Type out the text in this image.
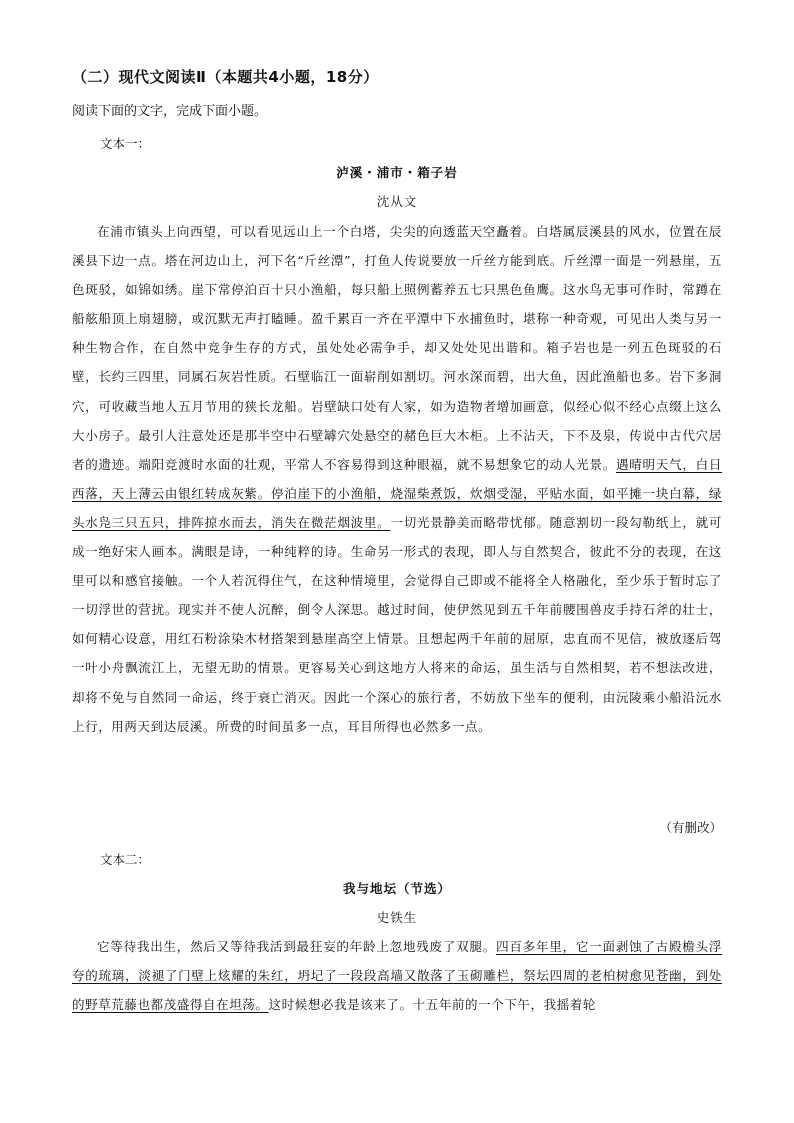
（二）现代文阅读Ⅱ（本题共4小题，18分）
阅读下面的文字，完成下面小题。
文本一：
泸溪・浦市・箱子岩
沈从文

在浦市镇头上向西望，可以看见远山上一个白塔，尖尖的向透蓝天空矗着。白塔属辰溪县的风水，位置在辰溪县下边一点。塔在河边山上，河下名“斤丝潭”，打鱼人传说要放一斤丝方能到底。斤丝潭一面是一列悬崖，五色斑驳，如锦如绣。崖下常停泊百十只小渔船，每只船上照例蓄养五七只黑色鱼鹰。这水鸟无事可作时，常蹲在船舷船顶上扇翅膀，或沉默无声打瞌睡。盈千累百一齐在平潭中下水捕鱼时，堪称一种奇观，可见出人类与另一种生物合作，在自然中竞争生存的方式，虽处处必需争手，却又处处见出谐和。箱子岩也是一列五色斑驳的石壁，长约三四里，同属石灰岩性质。石壁临江一面崭削如割切。河水深而碧，出大鱼，因此渔船也多。岩下多洞穴，可收藏当地人五月节用的狭长龙船。岩壁缺口处有人家，如为造物者增加画意，似经心似不经心点缀上这么大小房子。最引人注意处还是那半空中石壁罅穴处悬空的赭色巨大木柜。上不沾天，下不及泉，传说中古代穴居者的遗迹。端阳竞渡时水面的壮观，平常人不容易得到这种眼福，就不易想象它的动人光景。遇晴明天气，白日西落，天上薄云由银红转成灰紫。停泊崖下的小渔船，烧湿柴煮饭，炊烟受湿，平贴水面，如平摊一块白幕，绿头水凫三只五只，排阵掠水而去，消失在微茫烟波里。一切光景静美而略带忧郁。随意割切一段勾勒纸上，就可成一绝好宋人画本。满眼是诗，一种纯粹的诗。生命另一形式的表现，即人与自然契合，彼此不分的表现，在这里可以和感官接触。一个人若沉得住气，在这种情境里，会觉得自己即或不能将全人格融化，至少乐于暂时忘了一切浮世的营扰。现实并不使人沉醉，倒令人深思。越过时间，使伊然见到五千年前腰围兽皮手持石斧的壮士，如何精心设意，用红石粉涂染木材搭架到悬崖高空上情景。且想起两千年前的屈原，忠直而不见信，被放逐后驾一叶小舟飘流江上，无望无助的情景。更容易关心到这地方人将来的命运，虽生活与自然相契，若不想法改进，却将不免与自然同一命运，终于衰亡消灭。因此一个深心的旅行者，不妨放下坐车的便利，由沅陵乘小船沿沅水上行，用两天到达辰溪。所费的时间虽多一点，耳目所得也必然多一点。

（有删改）
文本二：
我与地坛（节选）
史铁生

它等待我出生，然后又等待我活到最狂妄的年龄上忽地残废了双腿。四百多年里，它一面剥蚀了古殿檐头浮夸的琉璃，淡褪了门壁上炫耀的朱红，坍圮了一段段高墙又散落了玉砌雕栏，祭坛四周的老柏树愈见苍幽，到处的野草荒藤也都茂盛得自在坦荡。这时候想必我是该来了。十五年前的一个下午，我摇着轮
